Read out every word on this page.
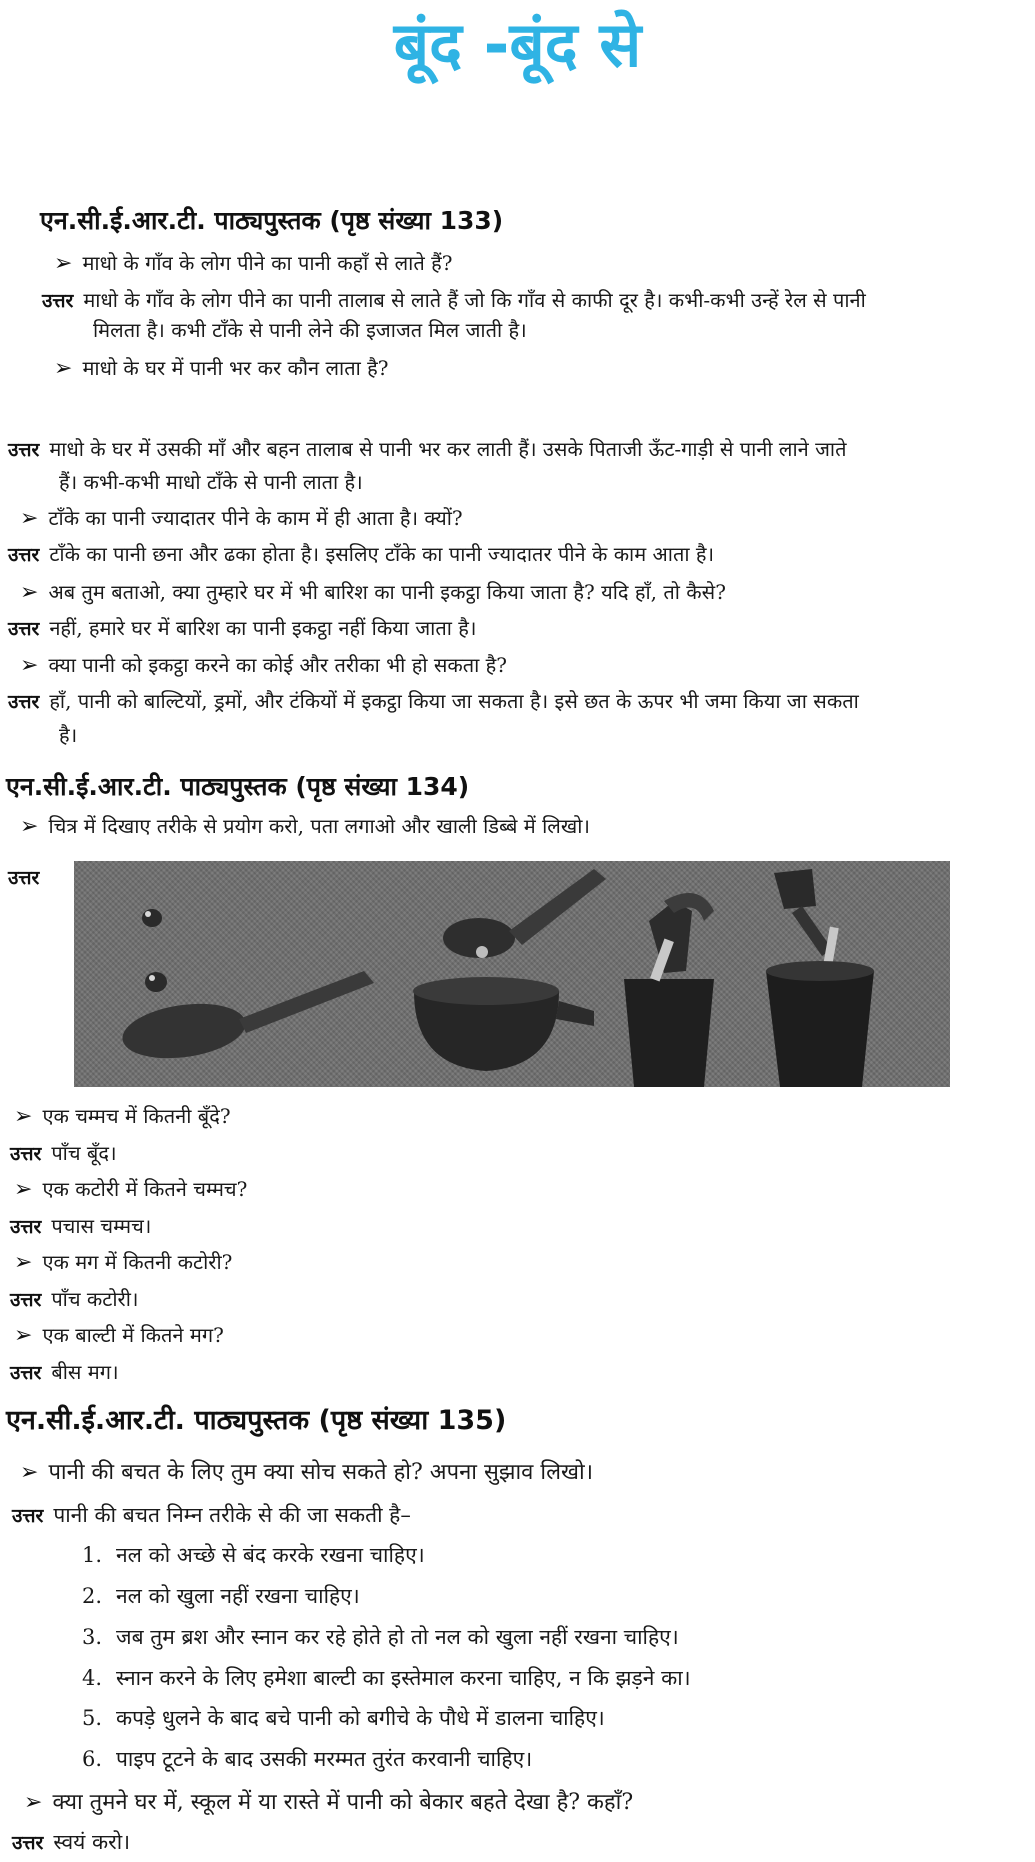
बूंद -बूंद से
एन.सी.ई.आर.टी. पाठ्यपुस्तक (पृष्ठ संख्या 133)
➢ माधो के गाँव के लोग पीने का पानी कहाँ से लाते हैं?
उत्तर माधो के गाँव के लोग पीने का पानी तालाब से लाते हैं जो कि गाँव से काफी दूर है। कभी-कभी उन्हें रेल से पानी
मिलता है। कभी टाँके से पानी लेने की इजाजत मिल जाती है।
➢ माधो के घर में पानी भर कर कौन लाता है?
उत्तर माधो के घर में उसकी माँ और बहन तालाब से पानी भर कर लाती हैं। उसके पिताजी ऊँट-गाड़ी से पानी लाने जाते
हैं। कभी-कभी माधो टाँके से पानी लाता है।
➢ टाँके का पानी ज्यादातर पीने के काम में ही आता है। क्यों?
उत्तर टाँके का पानी छना और ढका होता है। इसलिए टाँके का पानी ज्यादातर पीने के काम आता है।
➢ अब तुम बताओ, क्या तुम्हारे घर में भी बारिश का पानी इकट्ठा किया जाता है? यदि हाँ, तो कैसे?
उत्तर नहीं, हमारे घर में बारिश का पानी इकट्ठा नहीं किया जाता है।
➢ क्या पानी को इकट्ठा करने का कोई और तरीका भी हो सकता है?
उत्तर हाँ, पानी को बाल्टियों, ड्रमों, और टंकियों में इकट्ठा किया जा सकता है। इसे छत के ऊपर भी जमा किया जा सकता
है।
एन.सी.ई.आर.टी. पाठ्यपुस्तक (पृष्ठ संख्या 134)
➢ चित्र में दिखाए तरीके से प्रयोग करो, पता लगाओ और खाली डिब्बे में लिखो।
उत्तर
➢ एक चम्मच में कितनी बूँदे?
उत्तर पाँच बूँद।
➢ एक कटोरी में कितने चम्मच?
उत्तर पचास चम्मच।
➢ एक मग में कितनी कटोरी?
उत्तर पाँच कटोरी।
➢ एक बाल्टी में कितने मग?
उत्तर बीस मग।
एन.सी.ई.आर.टी. पाठ्यपुस्तक (पृष्ठ संख्या 135)
➢ पानी की बचत के लिए तुम क्या सोच सकते हो? अपना सुझाव लिखो।
उत्तर पानी की बचत निम्न तरीके से की जा सकती है–
1. नल को अच्छे से बंद करके रखना चाहिए।
2. नल को खुला नहीं रखना चाहिए।
3. जब तुम ब्रश और स्नान कर रहे होते हो तो नल को खुला नहीं रखना चाहिए।
4. स्नान करने के लिए हमेशा बाल्टी का इस्तेमाल करना चाहिए, न कि झड़ने का।
5. कपड़े धुलने के बाद बचे पानी को बगीचे के पौधे में डालना चाहिए।
6. पाइप टूटने के बाद उसकी मरम्मत तुरंत करवानी चाहिए।
➢ क्या तुमने घर में, स्कूल में या रास्ते में पानी को बेकार बहते देखा है? कहाँ?
उत्तर स्वयं करो।
